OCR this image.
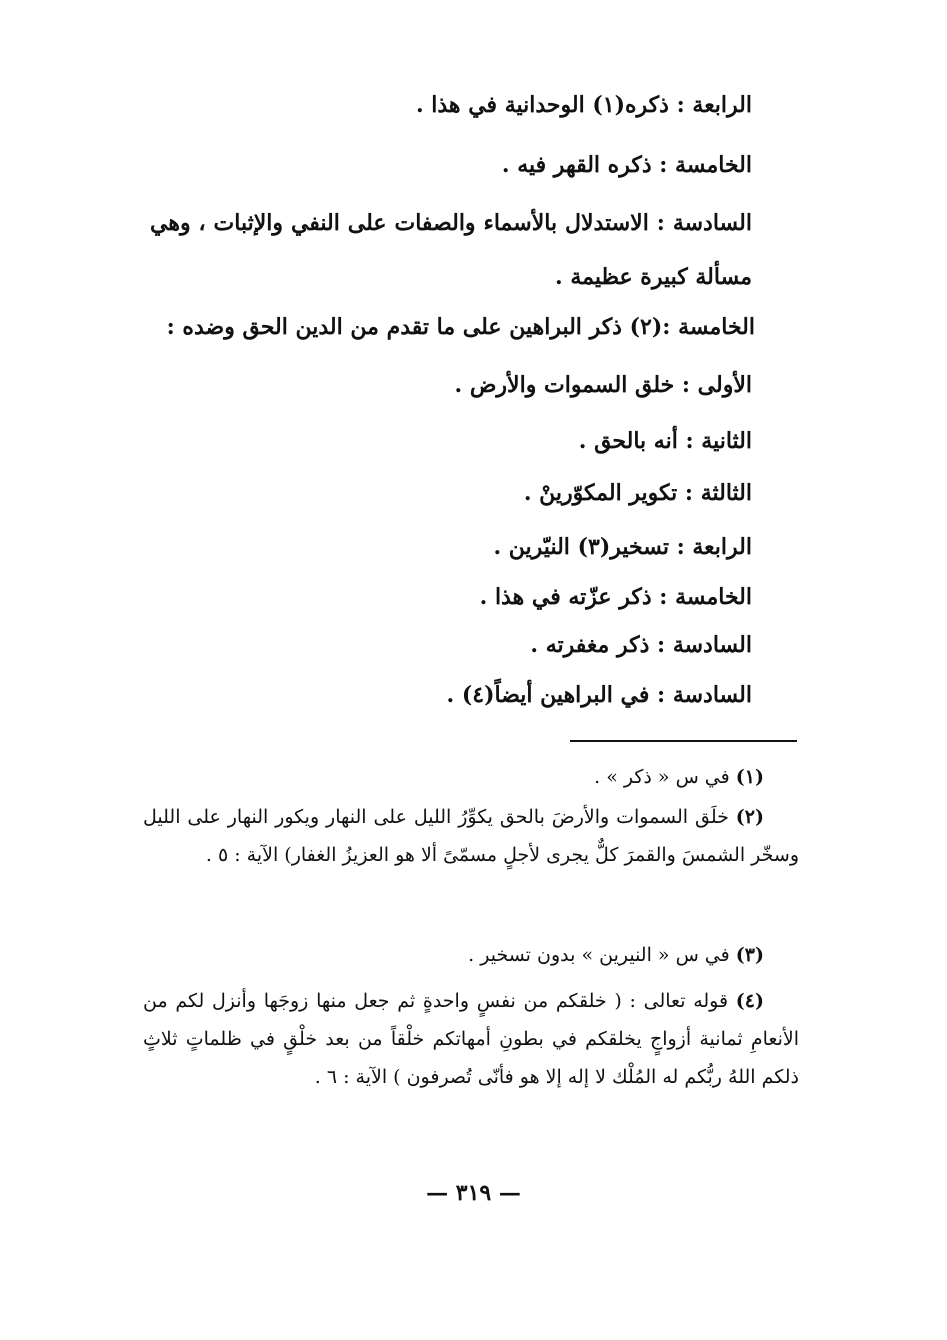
الرابعة : ذكره(١) الوحدانية في هذا .
الخامسة : ذكره القهر فيه .
السادسة : الاستدلال بالأسماء والصفات على النفي والإثبات ، وهي مسألة كبيرة عظيمة .
الخامسة :(٢) ذكر البراهين على ما تقدم من الدين الحق وضده :
الأولى : خلق السموات والأرض .
الثانية : أنه بالحق .
الثالثة : تكوير المكوّرينْ .
الرابعة : تسخير(٣) النيّرين .
الخامسة : ذكر عزّته في هذا .
السادسة : ذكر مغفرته .
السادسة : في البراهين أيضاً(٤) .
(١) في س « ذكر » .
(٢) خلَق السموات والأرضَ بالحق يكوِّرُ الليل على النهار ويكور النهار على الليل وسخّر الشمسَ والقمرَ كلٌّ يجرى لأجلٍ مسمّىً ألا هو العزيزُ الغفار) الآية : ٥ .
(٣) في س « النيرين » بدون تسخير .
(٤) قوله تعالى : ( خلقكم من نفسٍ واحدةٍ ثم جعل منها زوجَها وأنزل لكم من الأنعامِ ثمانية أزواجٍ يخلقكم في بطونِ أمهاتكم خلْقاً من بعد خلْقٍ في ظلماتٍ ثلاثٍ ذلكم اللهُ ربُّكم له المُلْك لا إله إلا هو فأنّى تُصرفون ) الآية : ٦ .
— ٣١٩ —
